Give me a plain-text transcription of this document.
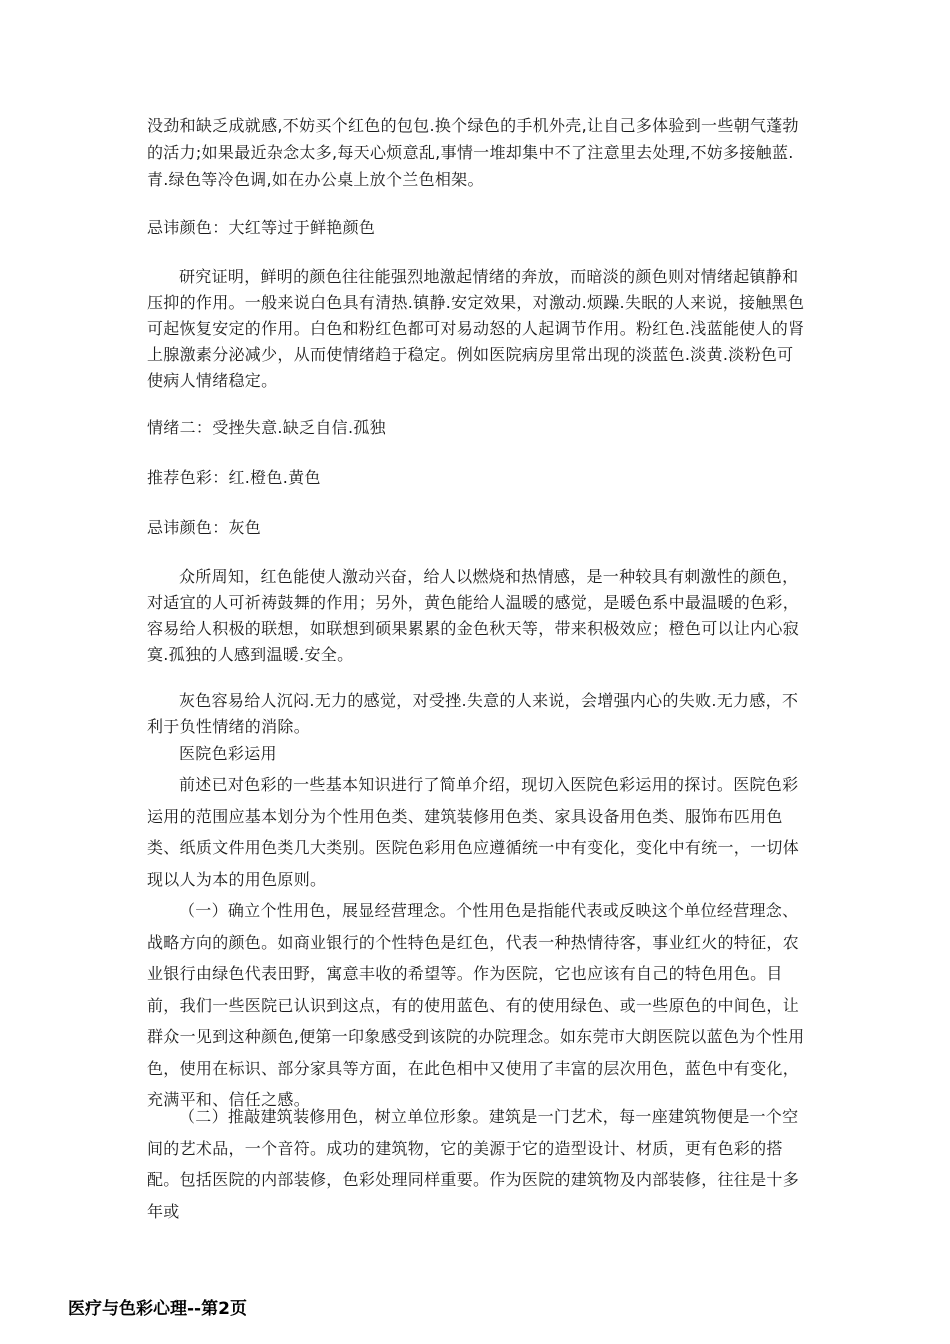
没劲和缺乏成就感,不妨买个红色的包包.换个绿色的手机外壳,让自己多体验到一些朝气蓬勃的活力;如果最近杂念太多,每天心烦意乱,事情一堆却集中不了注意里去处理,不妨多接触蓝.青.绿色等冷色调,如在办公桌上放个兰色相架。
忌讳颜色：大红等过于鲜艳颜色
研究证明，鲜明的颜色往往能强烈地激起情绪的奔放，而暗淡的颜色则对情绪起镇静和压抑的作用。一般来说白色具有清热.镇静.安定效果，对激动.烦躁.失眠的人来说，接触黑色可起恢复安定的作用。白色和粉红色都可对易动怒的人起调节作用。粉红色.浅蓝能使人的肾上腺激素分泌减少，从而使情绪趋于稳定。例如医院病房里常出现的淡蓝色.淡黄.淡粉色可使病人情绪稳定。
情绪二：受挫失意.缺乏自信.孤独
推荐色彩：红.橙色.黄色
忌讳颜色：灰色
众所周知，红色能使人激动兴奋，给人以燃烧和热情感，是一种较具有刺激性的颜色，对适宜的人可祈祷鼓舞的作用；另外，黄色能给人温暖的感觉，是暖色系中最温暖的色彩，容易给人积极的联想，如联想到硕果累累的金色秋天等，带来积极效应；橙色可以让内心寂寞.孤独的人感到温暖.安全。
灰色容易给人沉闷.无力的感觉，对受挫.失意的人来说，会增强内心的失败.无力感，不利于负性情绪的消除。
医院色彩运用
前述已对色彩的一些基本知识进行了简单介绍，现切入医院色彩运用的探讨。医院色彩运用的范围应基本划分为个性用色类、建筑装修用色类、家具设备用色类、服饰布匹用色类、纸质文件用色类几大类别。医院色彩用色应遵循统一中有变化，变化中有统一，一切体现以人为本的用色原则。
（一）确立个性用色，展显经营理念。个性用色是指能代表或反映这个单位经营理念、战略方向的颜色。如商业银行的个性特色是红色，代表一种热情待客，事业红火的特征，农业银行由绿色代表田野，寓意丰收的希望等。作为医院，它也应该有自己的特色用色。目前，我们一些医院已认识到这点，有的使用蓝色、有的使用绿色、或一些原色的中间色，让群众一见到这种颜色,便第一印象感受到该院的办院理念。如东莞市大朗医院以蓝色为个性用色，使用在标识、部分家具等方面，在此色相中又使用了丰富的层次用色，蓝色中有变化，充满平和、信任之感。
（二）推敲建筑装修用色，树立单位形象。建筑是一门艺术，每一座建筑物便是一个空间的艺术品，一个音符。成功的建筑物，它的美源于它的造型设计、材质，更有色彩的搭配。包括医院的内部装修，色彩处理同样重要。作为医院的建筑物及内部装修，往往是十多年或
医疗与色彩心理--第2页
